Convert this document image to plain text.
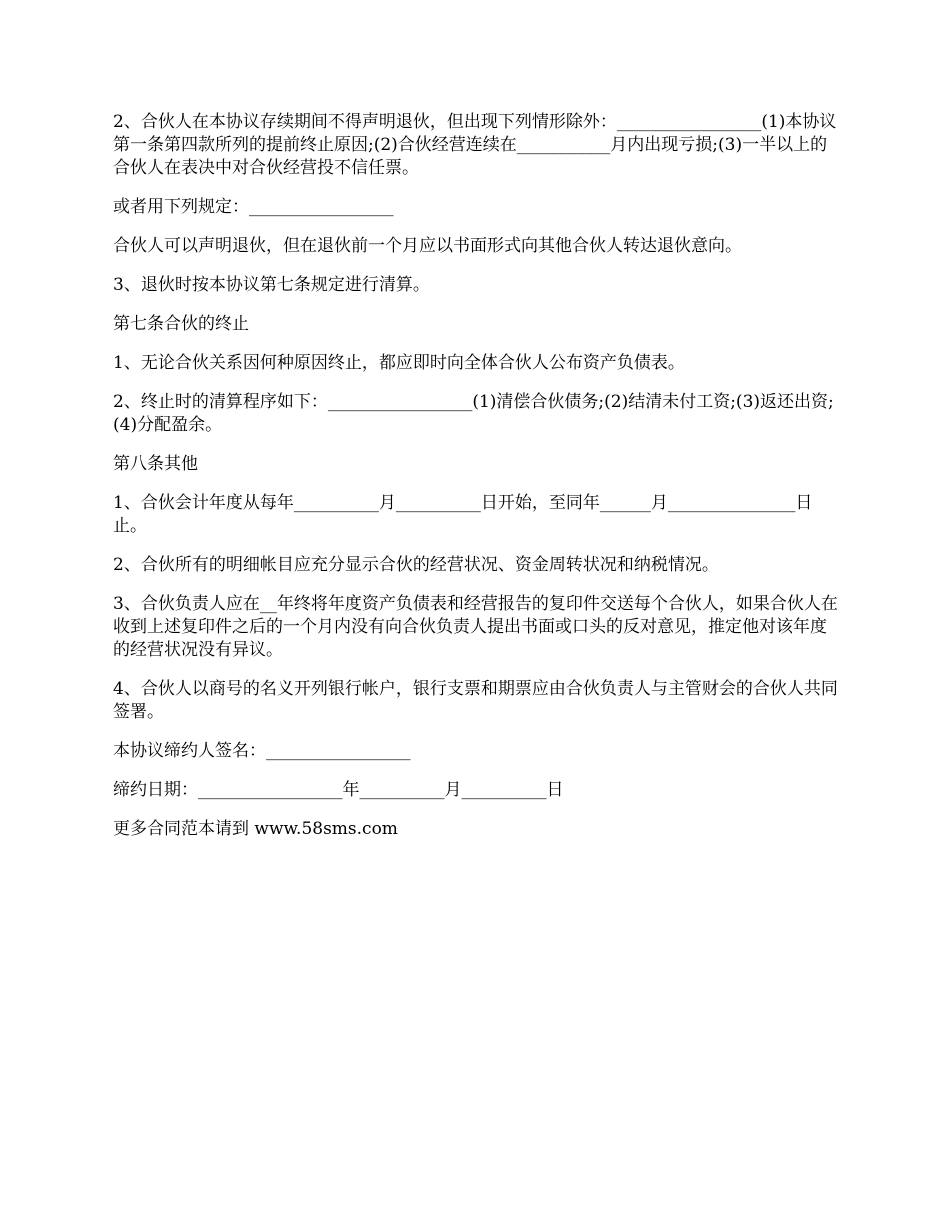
2、合伙人在本协议存续期间不得声明退伙，但出现下列情形除外：_________________(1)本协议第一条第四款所列的提前终止原因;(2)合伙经营连续在___________月内出现亏损;(3)一半以上的合伙人在表决中对合伙经营投不信任票。

或者用下列规定：_________________

合伙人可以声明退伙，但在退伙前一个月应以书面形式向其他合伙人转达退伙意向。

3、退伙时按本协议第七条规定进行清算。

第七条合伙的终止

1、无论合伙关系因何种原因终止，都应即时向全体合伙人公布资产负债表。

2、终止时的清算程序如下：_________________(1)清偿合伙债务;(2)结清未付工资;(3)返还出资;(4)分配盈余。

第八条其他

1、合伙会计年度从每年__________月__________日开始，至同年______月_______________日止。

2、合伙所有的明细帐目应充分显示合伙的经营状况、资金周转状况和纳税情况。

3、合伙负责人应在__年终将年度资产负债表和经营报告的复印件交送每个合伙人，如果合伙人在收到上述复印件之后的一个月内没有向合伙负责人提出书面或口头的反对意见，推定他对该年度的经营状况没有异议。

4、合伙人以商号的名义开列银行帐户，银行支票和期票应由合伙负责人与主管财会的合伙人共同签署。

本协议缔约人签名：_________________

缔约日期：_________________年__________月__________日

更多合同范本请到 www.58sms.com
